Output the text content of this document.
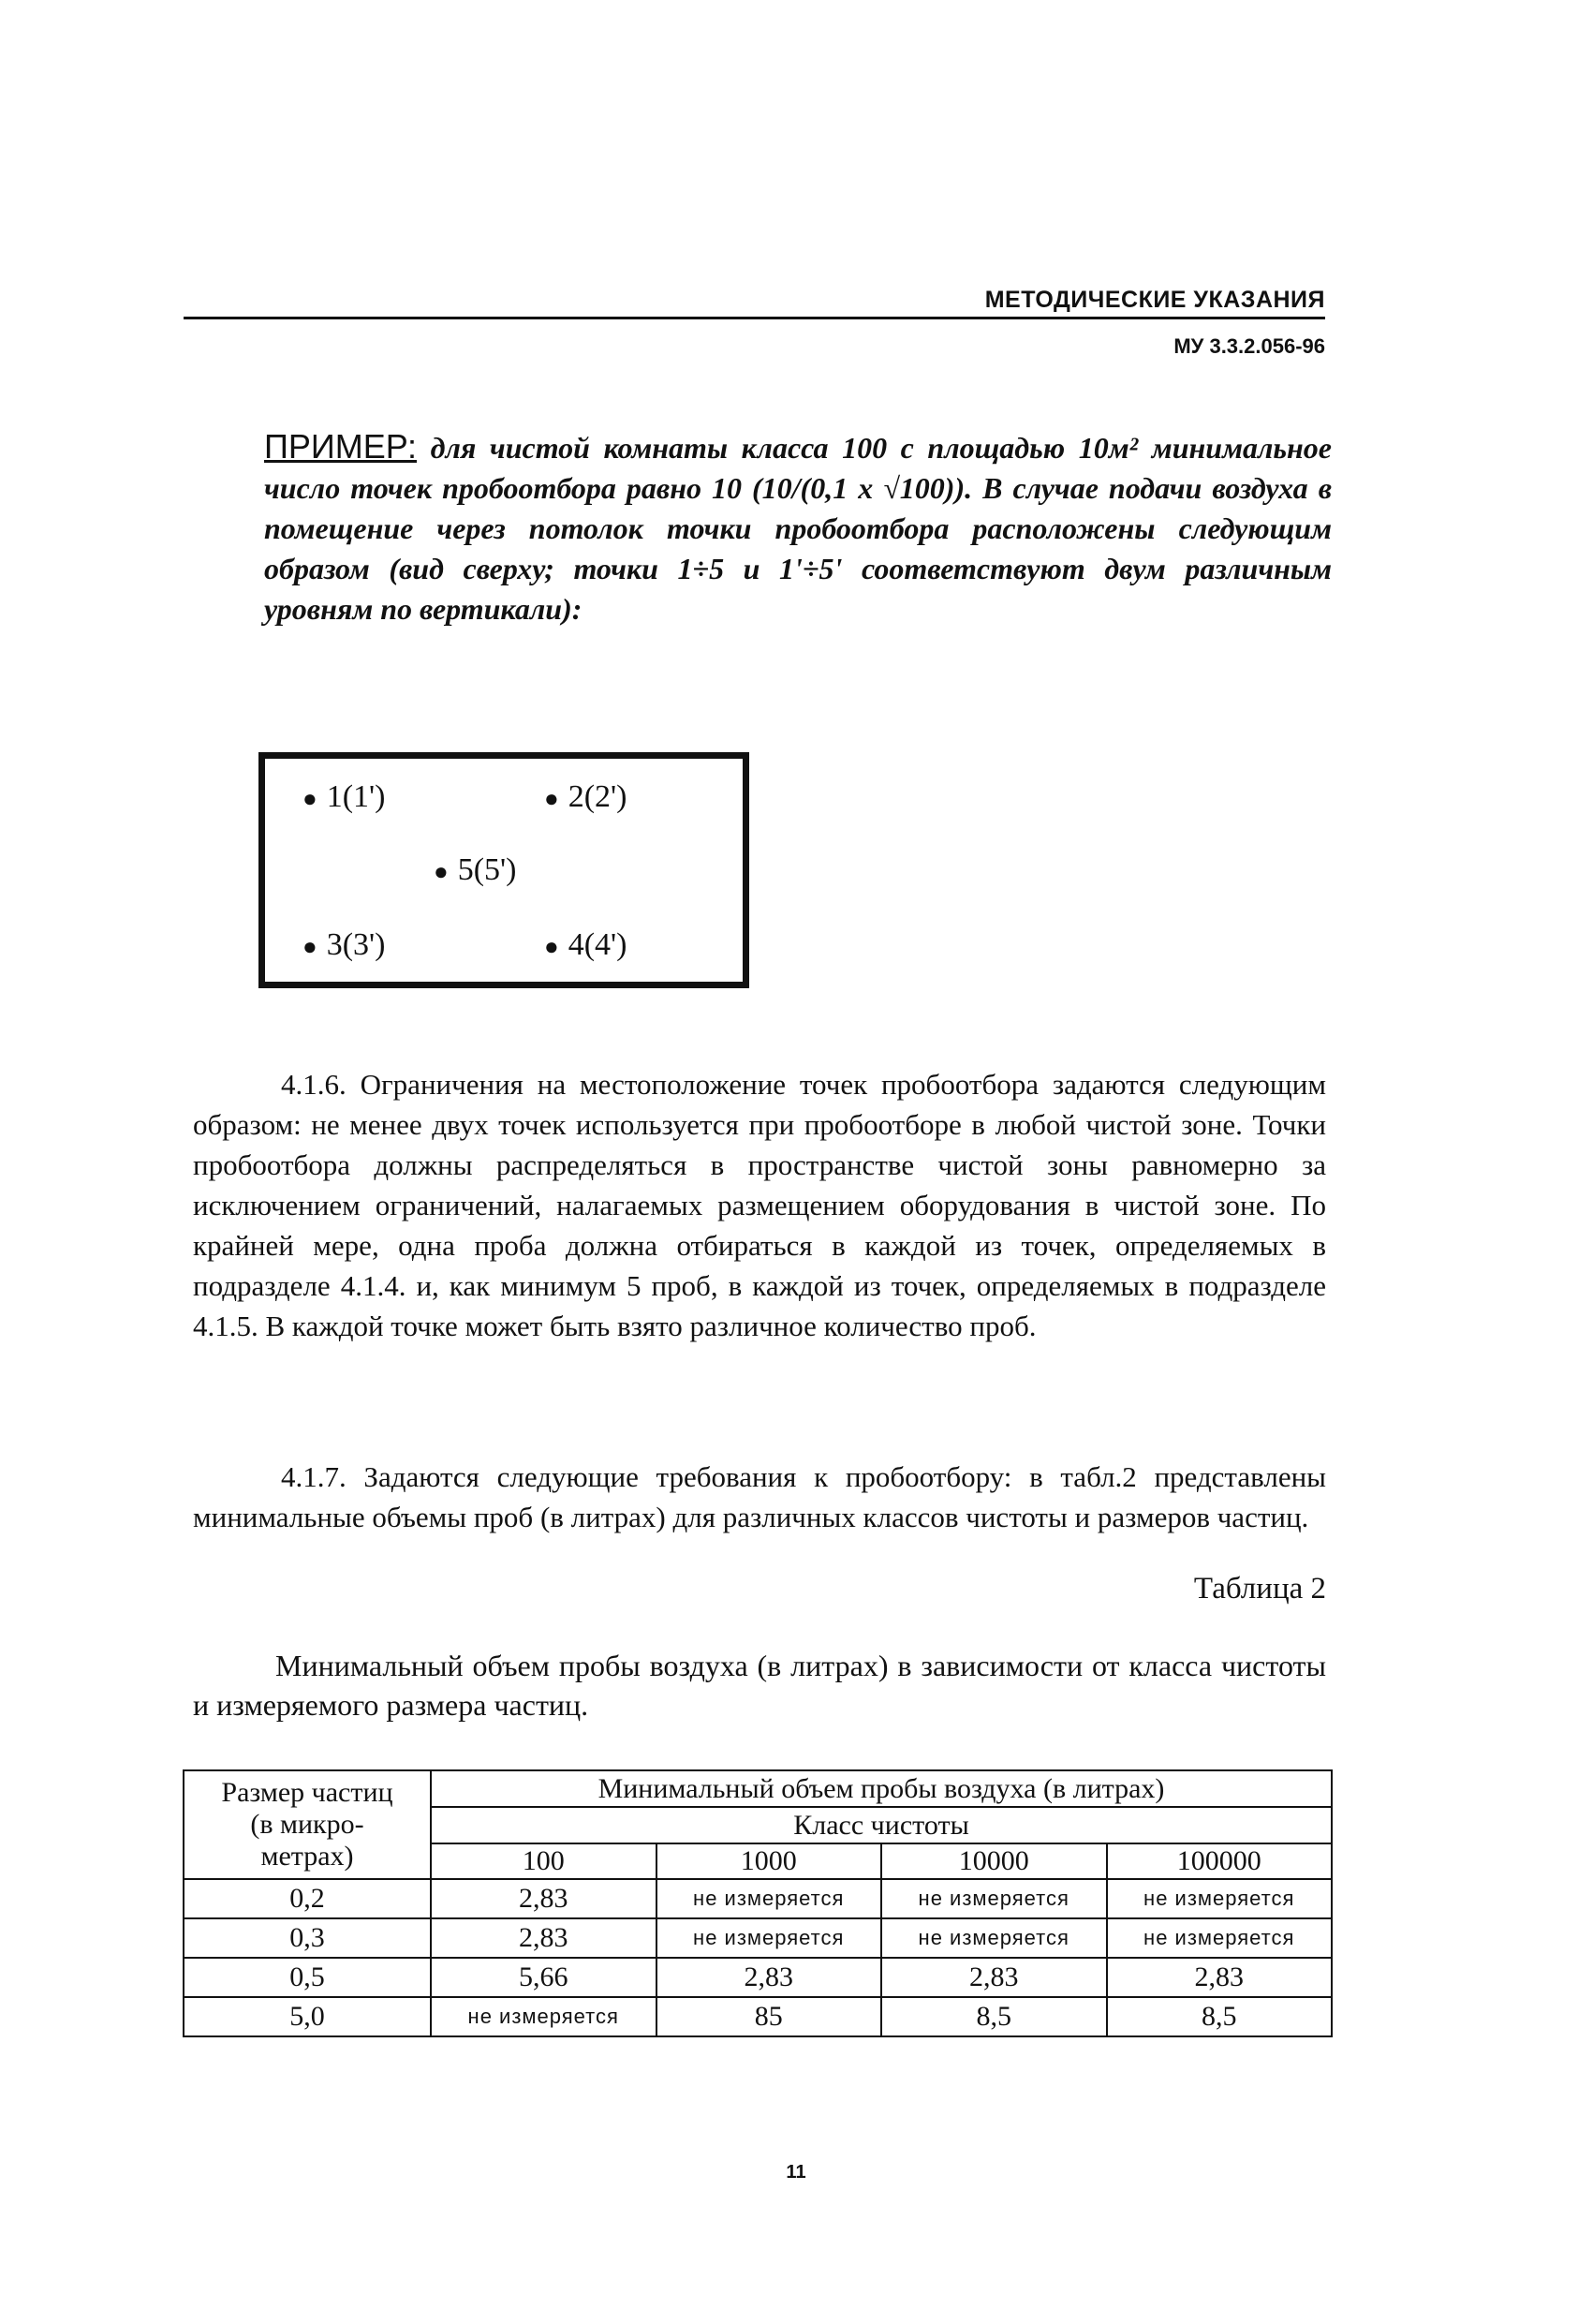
МЕТОДИЧЕСКИЕ УКАЗАНИЯ
МУ 3.3.2.056-96
ПРИМЕР: для чистой комнаты класса 100 с площадью 10м² минимальное число точек пробоотбора равно 10 (10/(0,1 х √100)). В случае подачи воздуха в помещение через потолок точки пробоотбора расположены следующим образом (вид сверху; точки 1÷5 и 1'÷5' соответствуют двум различным уровням по вертикали):
● 1(1')	● 2(2')
● 5(5')
● 3(3')	● 4(4')
4.1.6. Ограничения на местоположение точек пробоотбора задаются следующим образом: не менее двух точек используется при пробоотборе в любой чистой зоне. Точки пробоотбора должны распределяться в пространстве чистой зоны равномерно за исключением ограничений, налагаемых размещением оборудования в чистой зоне. По крайней мере, одна проба должна отбираться в каждой из точек, определяемых в подразделе 4.1.4. и, как минимум 5 проб, в каждой из точек, определяемых в подразделе 4.1.5. В каждой точке может быть взято различное количество проб.
4.1.7. Задаются следующие требования к пробоотбору: в табл.2 представлены минимальные объемы проб (в литрах) для различных классов чистоты и размеров частиц.
Таблица 2
Минимальный объем пробы воздуха (в литрах) в зависимости от класса чистоты и измеряемого размера частиц.
Размер частиц
(в микро-
метрах)	Минимальный объем пробы воздуха (в литрах)			
	Класс чистоты			
	100	1000	10000	100000
0,2	2,83	не измеряется	не измеряется	не измеряется
0,3	2,83	не измеряется	не измеряется	не измеряется
0,5	5,66	2,83	2,83	2,83
5,0	не измеряется	85	8,5	8,5
11
